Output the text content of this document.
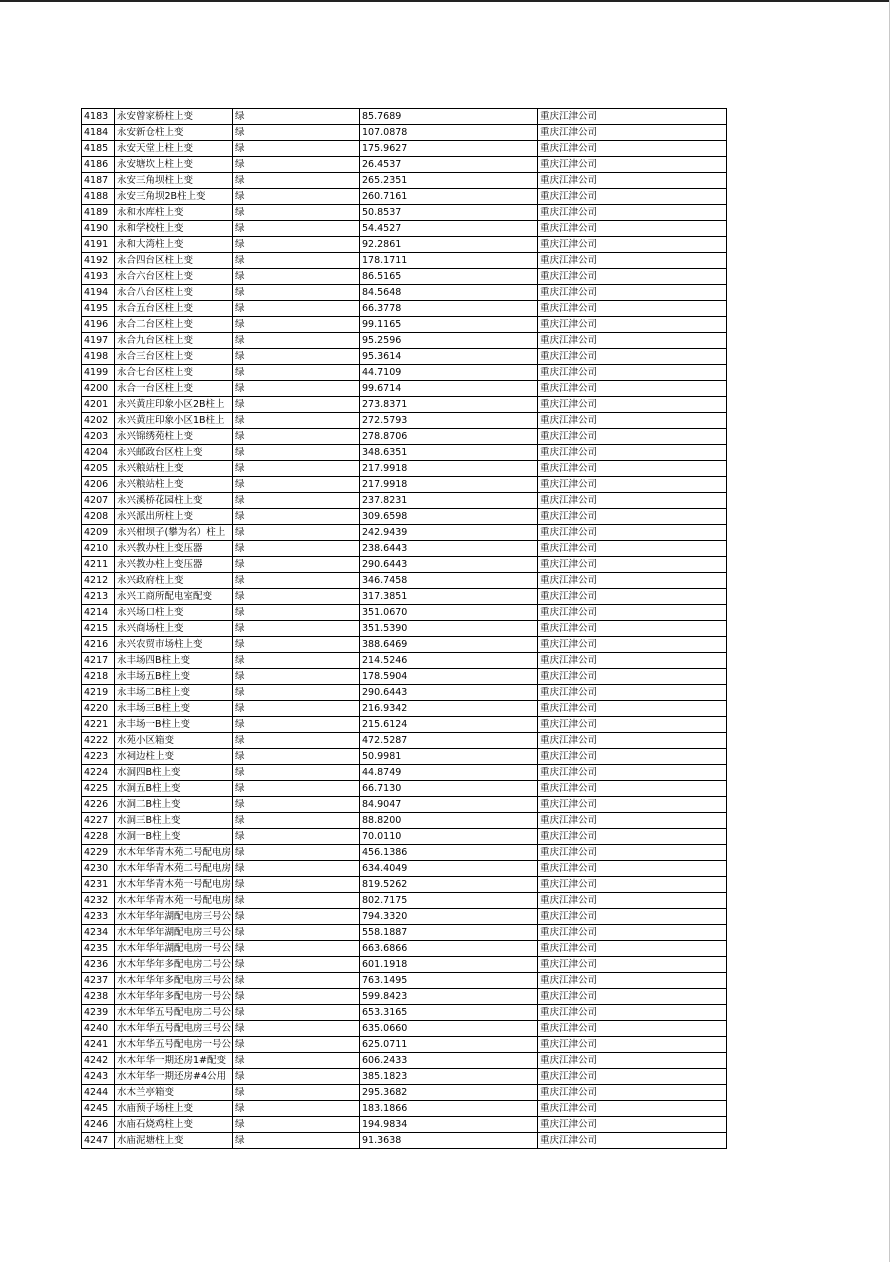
4183	永安曾家桥柱上变	绿	85.7689	重庆江津公司
4184	永安新仓柱上变	绿	107.0878	重庆江津公司
4185	永安天堂上柱上变	绿	175.9627	重庆江津公司
4186	永安塘坎上柱上变	绿	26.4537	重庆江津公司
4187	永安三角坝柱上变	绿	265.2351	重庆江津公司
4188	永安三角坝2B柱上变	绿	260.7161	重庆江津公司
4189	永和水库柱上变	绿	50.8537	重庆江津公司
4190	永和学校柱上变	绿	54.4527	重庆江津公司
4191	永和大湾柱上变	绿	92.2861	重庆江津公司
4192	永合四台区柱上变	绿	178.1711	重庆江津公司
4193	永合六台区柱上变	绿	86.5165	重庆江津公司
4194	永合八台区柱上变	绿	84.5648	重庆江津公司
4195	永合五台区柱上变	绿	66.3778	重庆江津公司
4196	永合二台区柱上变	绿	99.1165	重庆江津公司
4197	永合九台区柱上变	绿	95.2596	重庆江津公司
4198	永合三台区柱上变	绿	95.3614	重庆江津公司
4199	永合七台区柱上变	绿	44.7109	重庆江津公司
4200	永合一台区柱上变	绿	99.6714	重庆江津公司
4201	永兴黄庄印象小区2B柱上	绿	273.8371	重庆江津公司
4202	永兴黄庄印象小区1B柱上	绿	272.5793	重庆江津公司
4203	永兴锦绣苑柱上变	绿	278.8706	重庆江津公司
4204	永兴邮政台区柱上变	绿	348.6351	重庆江津公司
4205	永兴粮站柱上变	绿	217.9918	重庆江津公司
4206	永兴粮站柱上变	绿	217.9918	重庆江津公司
4207	永兴溪桥花园柱上变	绿	237.8231	重庆江津公司
4208	永兴派出所柱上变	绿	309.6598	重庆江津公司
4209	永兴柑坝子(攀为名）柱上	绿	242.9439	重庆江津公司
4210	永兴教办柱上变压器	绿	238.6443	重庆江津公司
4211	永兴教办柱上变压器	绿	290.6443	重庆江津公司
4212	永兴政府柱上变	绿	346.7458	重庆江津公司
4213	永兴工商所配电室配变	绿	317.3851	重庆江津公司
4214	永兴场口柱上变	绿	351.0670	重庆江津公司
4215	永兴商场柱上变	绿	351.5390	重庆江津公司
4216	永兴农贸市场柱上变	绿	388.6469	重庆江津公司
4217	永丰场四B柱上变	绿	214.5246	重庆江津公司
4218	永丰场五B柱上变	绿	178.5904	重庆江津公司
4219	永丰场二B柱上变	绿	290.6443	重庆江津公司
4220	永丰场三B柱上变	绿	216.9342	重庆江津公司
4221	永丰场一B柱上变	绿	215.6124	重庆江津公司
4222	水苑小区箱变	绿	472.5287	重庆江津公司
4223	水祠边柱上变	绿	50.9981	重庆江津公司
4224	水洞四B柱上变	绿	44.8749	重庆江津公司
4225	水洞五B柱上变	绿	66.7130	重庆江津公司
4226	水洞二B柱上变	绿	84.9047	重庆江津公司
4227	水洞三B柱上变	绿	88.8200	重庆江津公司
4228	水洞一B柱上变	绿	70.0110	重庆江津公司
4229	水木年华青木苑二号配电房	绿	456.1386	重庆江津公司
4230	水木年华青木苑二号配电房	绿	634.4049	重庆江津公司
4231	水木年华青木苑一号配电房	绿	819.5262	重庆江津公司
4232	水木年华青木苑一号配电房	绿	802.7175	重庆江津公司
4233	水木年华年湖配电房三号公	绿	794.3320	重庆江津公司
4234	水木年华年湖配电房三号公	绿	558.1887	重庆江津公司
4235	水木年华年湖配电房一号公	绿	663.6866	重庆江津公司
4236	水木年华年多配电房二号公	绿	601.1918	重庆江津公司
4237	水木年华年多配电房三号公	绿	763.1495	重庆江津公司
4238	水木年华年多配电房一号公	绿	599.8423	重庆江津公司
4239	水木年华五号配电房二号公	绿	653.3165	重庆江津公司
4240	水木年华五号配电房三号公	绿	635.0660	重庆江津公司
4241	水木年华五号配电房一号公	绿	625.0711	重庆江津公司
4242	水木年华一期还房1#配变	绿	606.2433	重庆江津公司
4243	水木年华一期还房#4公用	绿	385.1823	重庆江津公司
4244	水木兰亭箱变	绿	295.3682	重庆江津公司
4245	水庙预子场柱上变	绿	183.1866	重庆江津公司
4246	水庙石烧鸡柱上变	绿	194.9834	重庆江津公司
4247	水庙泥塘柱上变	绿	91.3638	重庆江津公司
